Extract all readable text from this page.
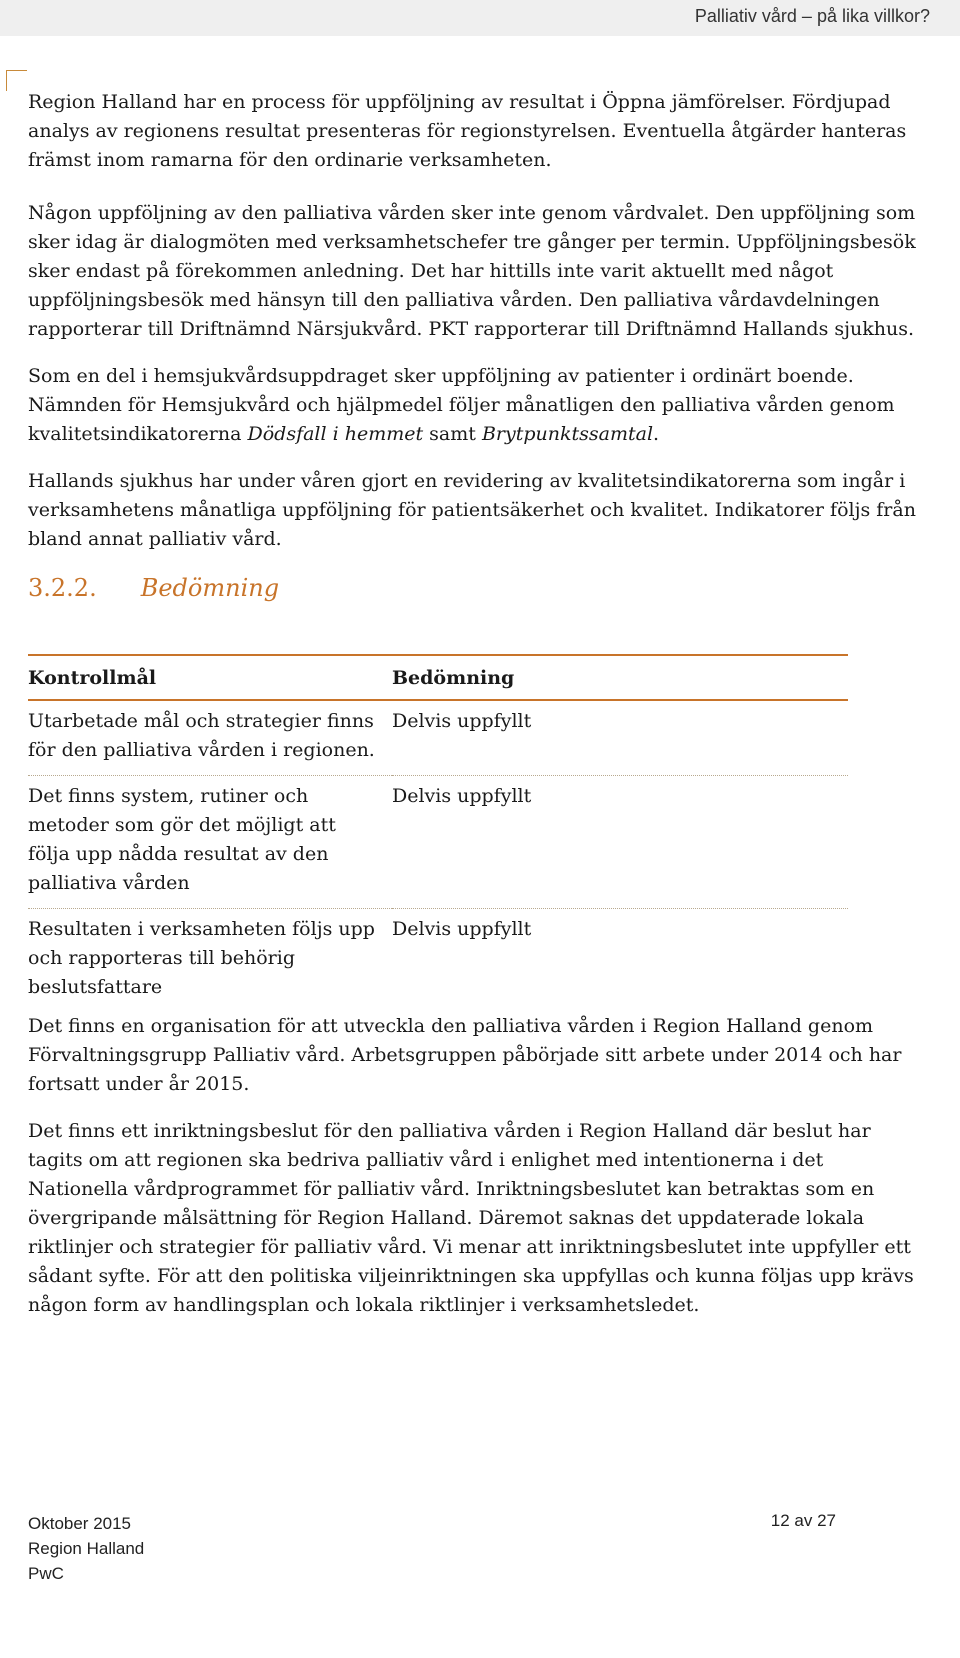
Palliativ vård – på lika villkor?

Region Halland har en process för uppföljning av resultat i Öppna jämförelser. Fördjupad analys av regionens resultat presenteras för regionstyrelsen. Eventuella åtgärder hanteras främst inom ramarna för den ordinarie verksamheten.

Någon uppföljning av den palliativa vården sker inte genom vårdvalet. Den uppföljning som sker idag är dialogmöten med verksamhetschefer tre gånger per termin. Uppföljningsbesök sker endast på förekommen anledning. Det har hittills inte varit aktuellt med något uppföljningsbesök med hänsyn till den palliativa vården. Den palliativa vårdavdelningen rapporterar till Driftnämnd Närsjukvård. PKT rapporterar till Driftnämnd Hallands sjukhus.

Som en del i hemsjukvårdsuppdraget sker uppföljning av patienter i ordinärt boende. Nämnden för Hemsjukvård och hjälpmedel följer månatligen den palliativa vården genom kvalitetsindikatorerna Dödsfall i hemmet samt Brytpunktssamtal.

Hallands sjukhus har under våren gjort en revidering av kvalitetsindikatorerna som ingår i verksamhetens månatliga uppföljning för patientsäkerhet och kvalitet. Indikatorer följs från bland annat palliativ vård.

3.2.2. Bedömning
Kontrollmål	Bedömning
Utarbetade mål och strategier finns för den palliativa vården i regionen.	Delvis uppfyllt
Det finns system, rutiner och metoder som gör det möjligt att följa upp nådda resultat av den palliativa vården	Delvis uppfyllt
Resultaten i verksamheten följs upp och rapporteras till behörig beslutsfattare	Delvis uppfyllt

Det finns en organisation för att utveckla den palliativa vården i Region Halland genom Förvaltningsgrupp Palliativ vård. Arbetsgruppen påbörjade sitt arbete under 2014 och har fortsatt under år 2015.

Det finns ett inriktningsbeslut för den palliativa vården i Region Halland där beslut har tagits om att regionen ska bedriva palliativ vård i enlighet med intentionerna i det Nationella vårdprogrammet för palliativ vård. Inriktningsbeslutet kan betraktas som en övergripande målsättning för Region Halland. Däremot saknas det uppdaterade lokala riktlinjer och strategier för palliativ vård. Vi menar att inriktningsbeslutet inte uppfyller ett sådant syfte. För att den politiska viljeinriktningen ska uppfyllas och kunna följas upp krävs någon form av handlingsplan och lokala riktlinjer i verksamhetsledet.

Oktober 2015
Region Halland
PwC
12 av 27
